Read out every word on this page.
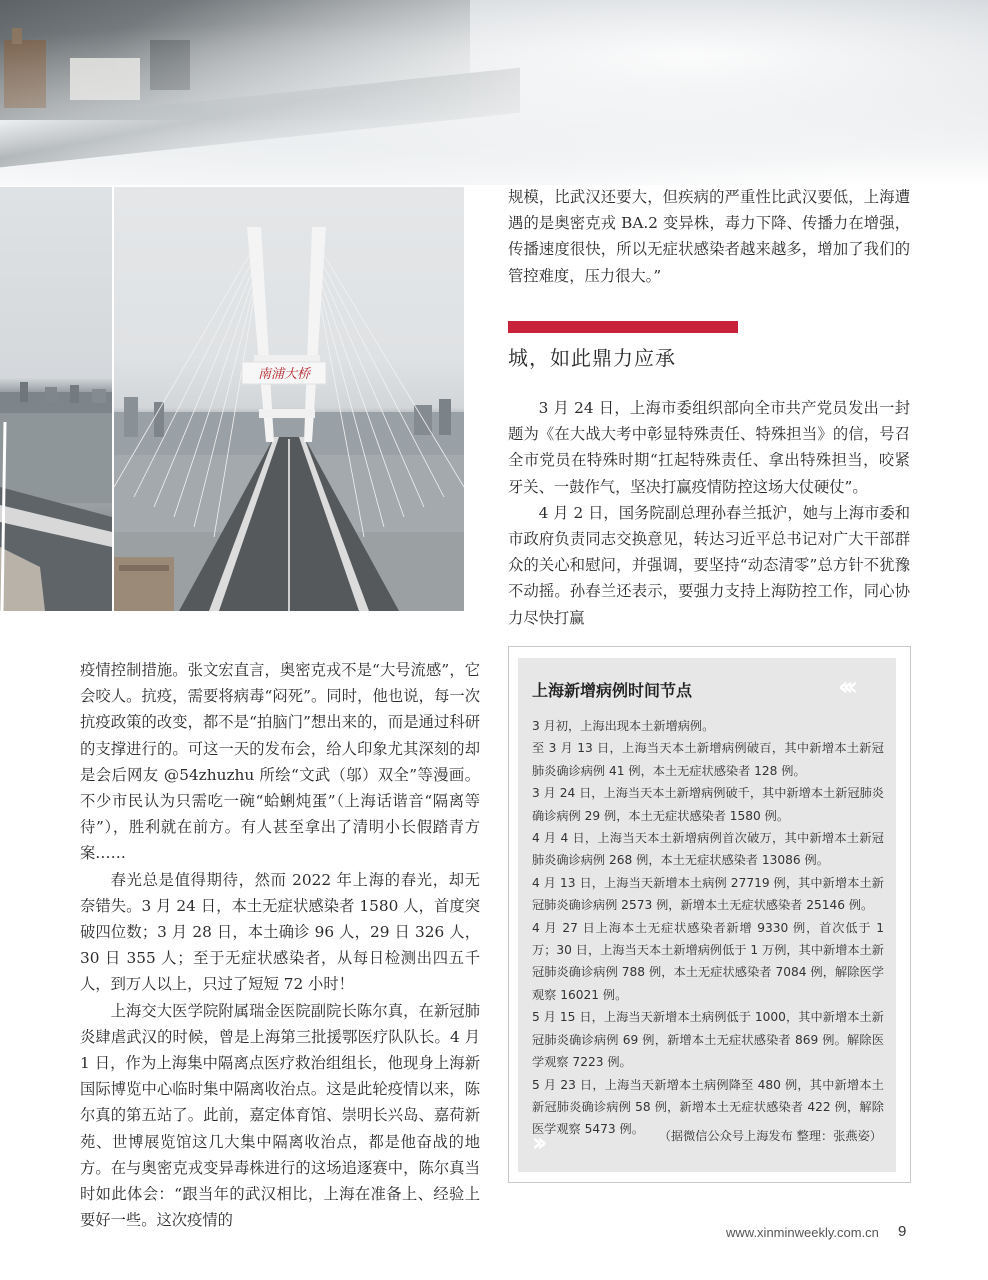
南浦大桥

规模，比武汉还要大，但疾病的严重性比武汉要低，上海遭遇的是奥密克戎 BA.2 变异株，毒力下降、传播力在增强，传播速度很快，所以无症状感染者越来越多，增加了我们的管控难度，压力很大。”

城，如此鼎力应承

3 月 24 日，上海市委组织部向全市共产党员发出一封题为《在大战大考中彰显特殊责任、特殊担当》的信，号召全市党员在特殊时期“扛起特殊责任、拿出特殊担当，咬紧牙关、一鼓作气，坚决打赢疫情防控这场大仗硬仗”。

4 月 2 日，国务院副总理孙春兰抵沪，她与上海市委和市政府负责同志交换意见，转达习近平总书记对广大干部群众的关心和慰问，并强调，要坚持“动态清零”总方针不犹豫不动摇。孙春兰还表示，要强力支持上海防控工作，同心协力尽快打赢

疫情控制措施。张文宏直言，奥密克戎不是“大号流感”，它会咬人。抗疫，需要将病毒“闷死”。同时，他也说，每一次抗疫政策的改变，都不是“拍脑门”想出来的，而是通过科研的支撑进行的。可这一天的发布会，给人印象尤其深刻的却是会后网友 @54zhuzhu 所绘“文武（邬）双全”等漫画。不少市民认为只需吃一碗“蛤蜊炖蛋”（上海话谐音“隔离等待”），胜利就在前方。有人甚至拿出了清明小长假踏青方案……

春光总是值得期待，然而 2022 年上海的春光，却无奈错失。3 月 24 日，本土无症状感染者 1580 人，首度突破四位数；3 月 28 日，本土确诊 96 人，29 日 326 人，30 日 355 人；至于无症状感染者，从每日检测出四五千人，到万人以上，只过了短短 72 小时！

上海交大医学院附属瑞金医院副院长陈尔真，在新冠肺炎肆虐武汉的时候，曾是上海第三批援鄂医疗队队长。4 月 1 日，作为上海集中隔离点医疗救治组组长，他现身上海新国际博览中心临时集中隔离收治点。这是此轮疫情以来，陈尔真的第五站了。此前，嘉定体育馆、崇明长兴岛、嘉荷新苑、世博展览馆这几大集中隔离收治点，都是他奋战的地方。在与奥密克戎变异毒株进行的这场追逐赛中，陈尔真当时如此体会：“跟当年的武汉相比，上海在准备上、经验上要好一些。这次疫情的

上海新增病例时间节点	‹‹‹

3 月初，上海出现本土新增病例。

至 3 月 13 日，上海当天本土新增病例破百，其中新增本土新冠肺炎确诊病例 41 例，本土无症状感染者 128 例。

3 月 24 日，上海当天本土新增病例破千，其中新增本土新冠肺炎确诊病例 29 例，本土无症状感染者 1580 例。

4 月 4 日，上海当天本土新增病例首次破万，其中新增本土新冠肺炎确诊病例 268 例，本土无症状感染者 13086 例。

4 月 13 日，上海当天新增本土病例 27719 例，其中新增本土新冠肺炎确诊病例 2573 例，新增本土无症状感染者 25146 例。

4 月 27 日上海本土无症状感染者新增 9330 例，首次低于 1 万；30 日，上海当天本土新增病例低于 1 万例，其中新增本土新冠肺炎确诊病例 788 例，本土无症状感染者 7084 例，解除医学观察 16021 例。

5 月 15 日，上海当天新增本土病例低于 1000，其中新增本土新冠肺炎确诊病例 69 例，新增本土无症状感染者 869 例。解除医学观察 7223 例。

5 月 23 日，上海当天新增本土病例降至 480 例，其中新增本土新冠肺炎确诊病例 58 例，新增本土无症状感染者 422 例，解除医学观察 5473 例。

››	（据微信公众号上海发布 整理：张燕姿）
www.xinminweekly.com.cn 9
